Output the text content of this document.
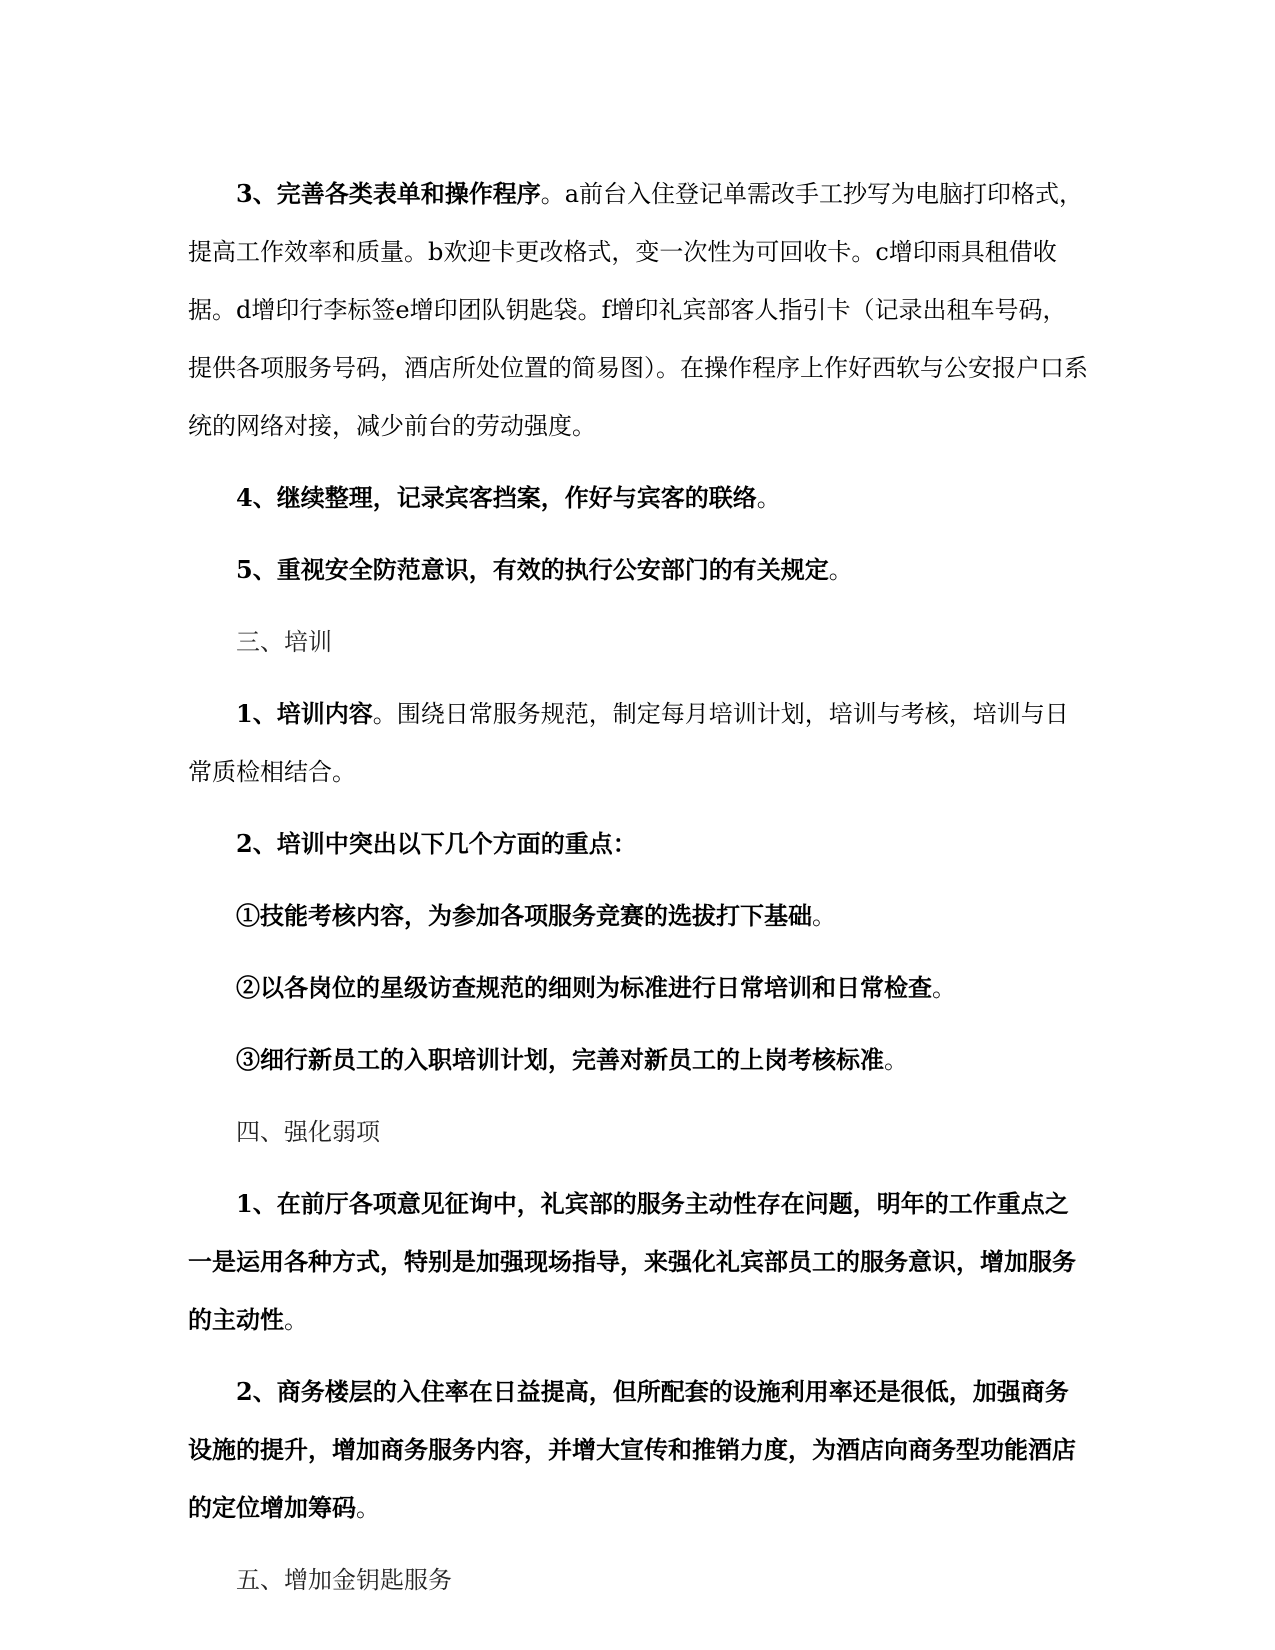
3、完善各类表单和操作程序。a前台入住登记单需改手工抄写为电脑打印格式，提高工作效率和质量。b欢迎卡更改格式，变一次性为可回收卡。c增印雨具租借收据。d增印行李标签e增印团队钥匙袋。f增印礼宾部客人指引卡（记录出租车号码，提供各项服务号码，酒店所处位置的简易图）。在操作程序上作好西软与公安报户口系统的网络对接，减少前台的劳动强度。

4、继续整理，记录宾客挡案，作好与宾客的联络。

5、重视安全防范意识，有效的执行公安部门的有关规定。

三、培训

1、培训内容。围绕日常服务规范，制定每月培训计划，培训与考核，培训与日常质检相结合。

2、培训中突出以下几个方面的重点：

①技能考核内容，为参加各项服务竞赛的选拔打下基础。

②以各岗位的星级访查规范的细则为标准进行日常培训和日常检查。

③细行新员工的入职培训计划，完善对新员工的上岗考核标准。

四、强化弱项

1、在前厅各项意见征询中，礼宾部的服务主动性存在问题，明年的工作重点之一是运用各种方式，特别是加强现场指导，来强化礼宾部员工的服务意识，增加服务的主动性。

2、商务楼层的入住率在日益提高，但所配套的设施利用率还是很低，加强商务设施的提升，增加商务服务内容，并增大宣传和推销力度，为酒店向商务型功能酒店的定位增加筹码。

五、增加金钥匙服务
